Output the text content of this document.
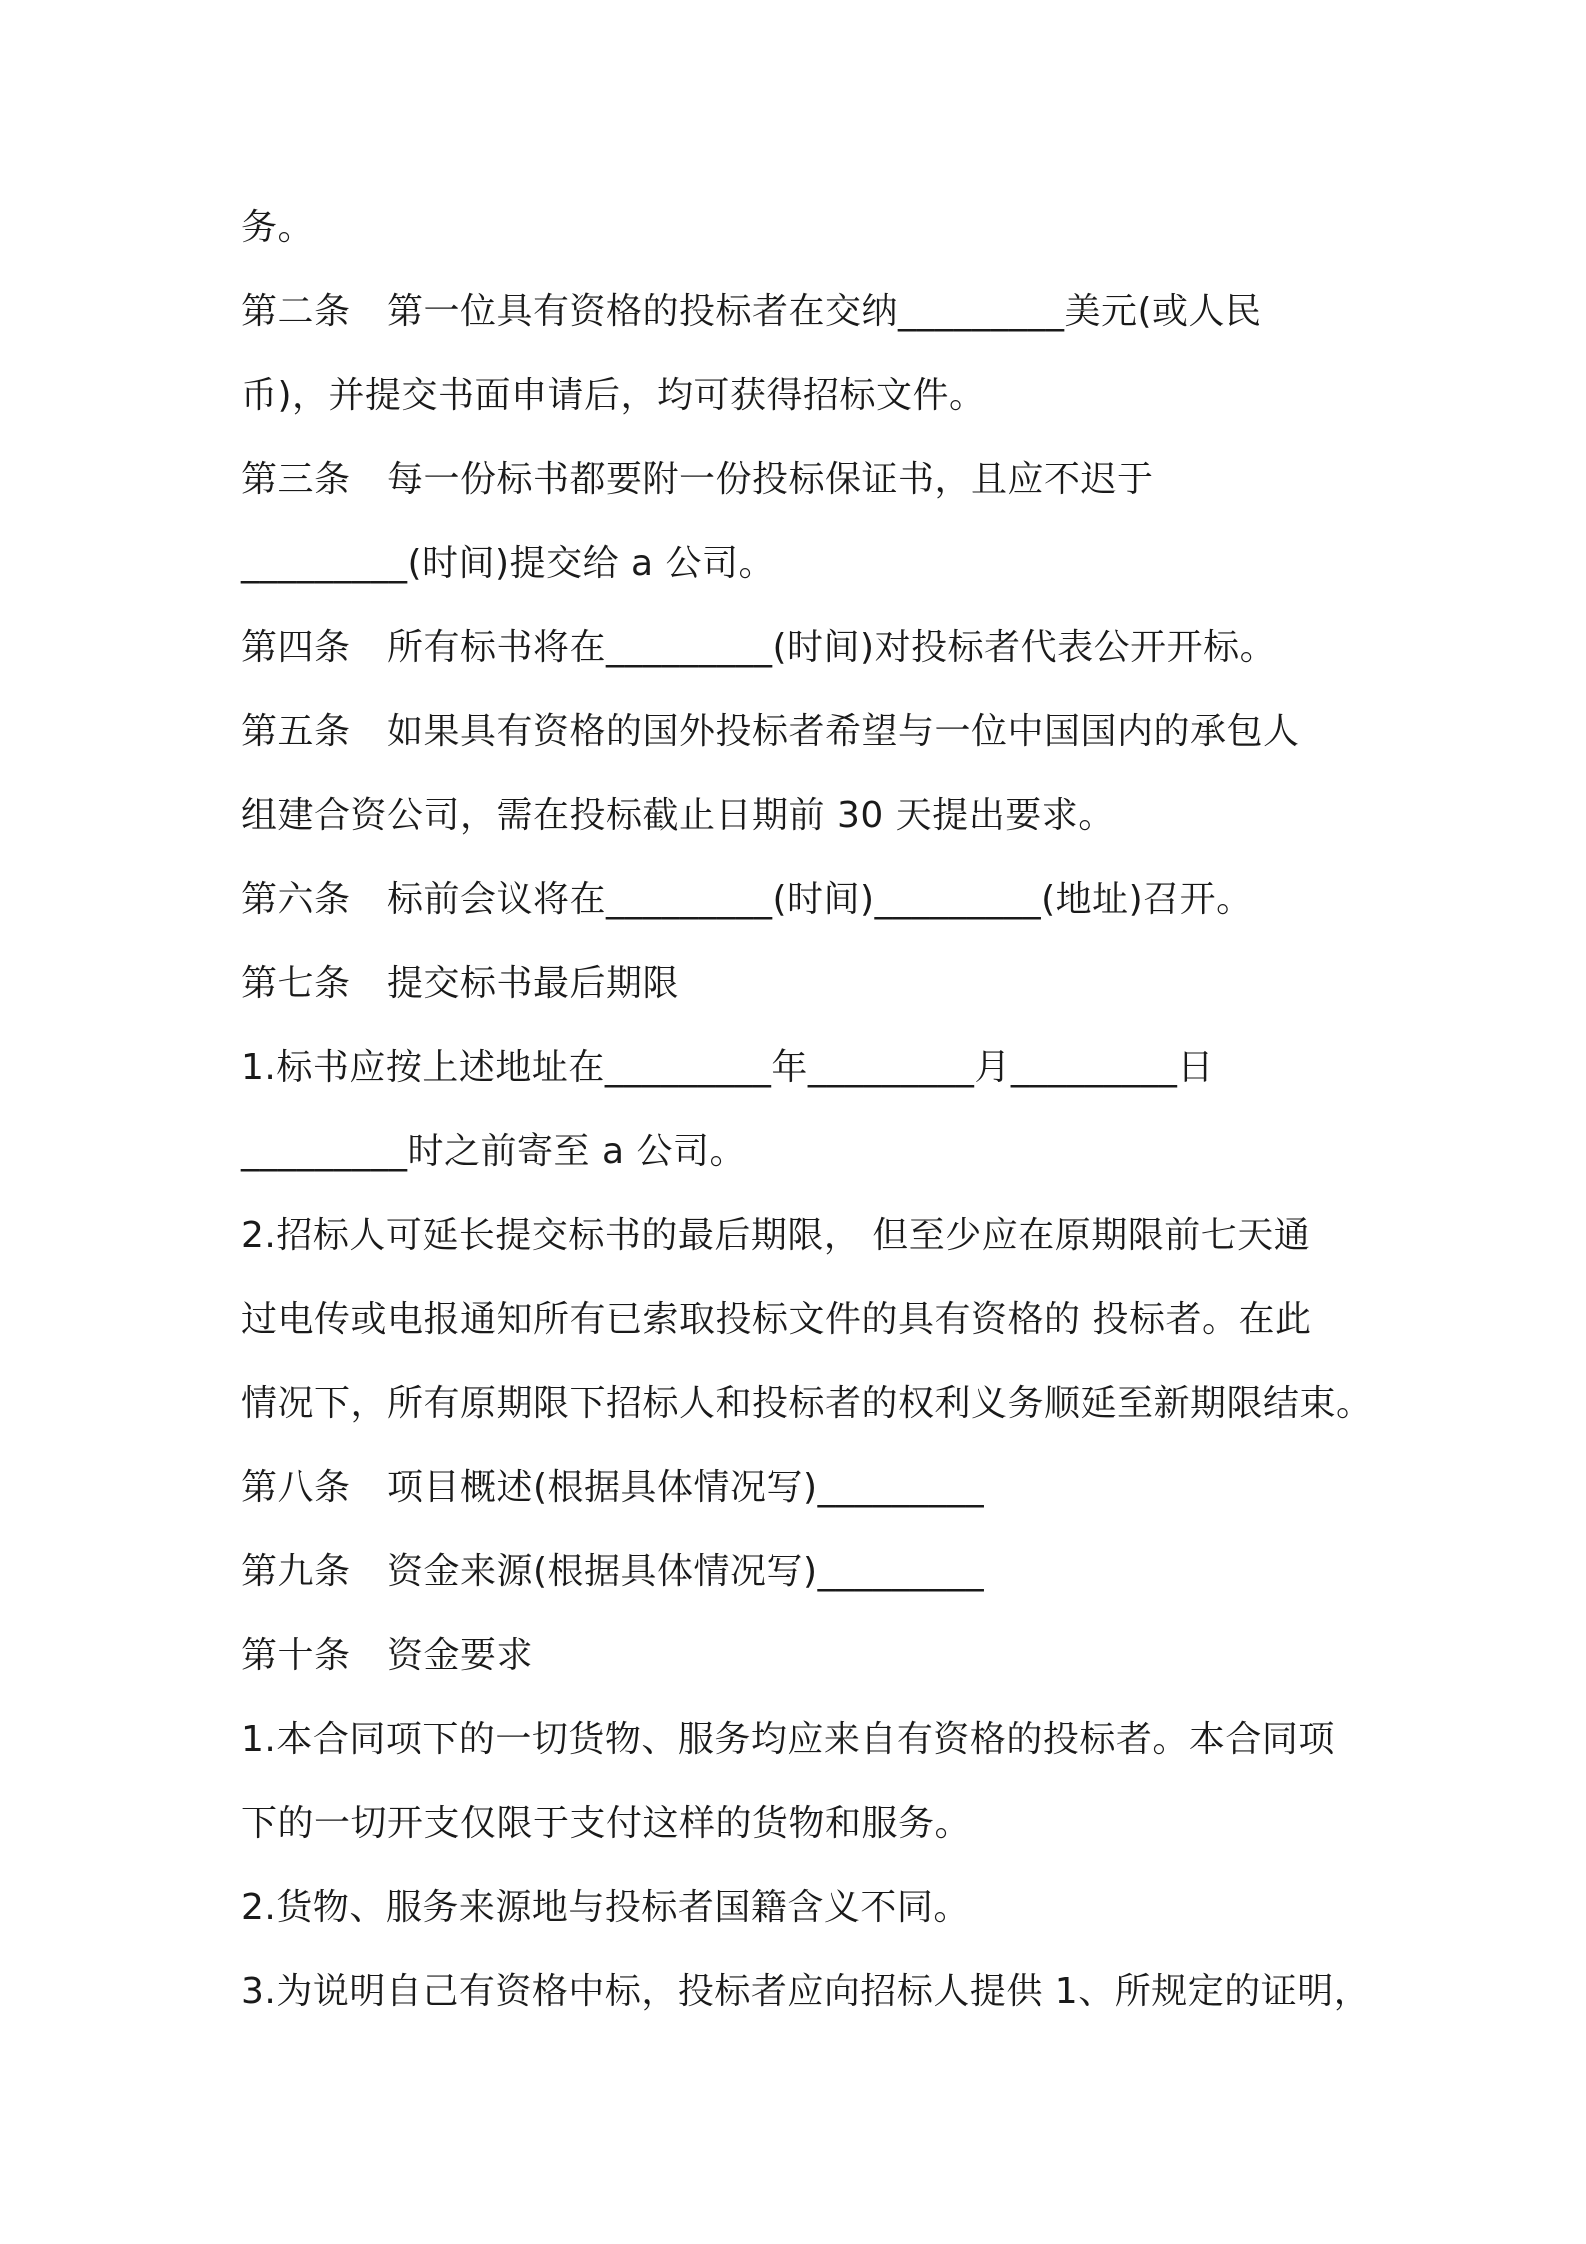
务。
第二条　第一位具有资格的投标者在交纳_________美元(或人民
币)，并提交书面申请后，均可获得招标文件。
第三条　每一份标书都要附一份投标保证书，且应不迟于
_________(时间)提交给 a 公司。
第四条　所有标书将在_________(时间)对投标者代表公开开标。
第五条　如果具有资格的国外投标者希望与一位中国国内的承包人
组建合资公司，需在投标截止日期前 30 天提出要求。
第六条　标前会议将在_________(时间)_________(地址)召开。
第七条　提交标书最后期限
1.标书应按上述地址在_________年_________月_________日
_________时之前寄至 a 公司。
2.招标人可延长提交标书的最后期限， 但至少应在原期限前七天通
过电传或电报通知所有已索取投标文件的具有资格的 投标者。在此
情况下，所有原期限下招标人和投标者的权利义务顺延至新期限结束。
第八条　项目概述(根据具体情况写)_________
第九条　资金来源(根据具体情况写)_________
第十条　资金要求
1.本合同项下的一切货物、服务均应来自有资格的投标者。本合同项
下的一切开支仅限于支付这样的货物和服务。
2.货物、服务来源地与投标者国籍含义不同。
3.为说明自己有资格中标，投标者应向招标人提供 1、所规定的证明，
